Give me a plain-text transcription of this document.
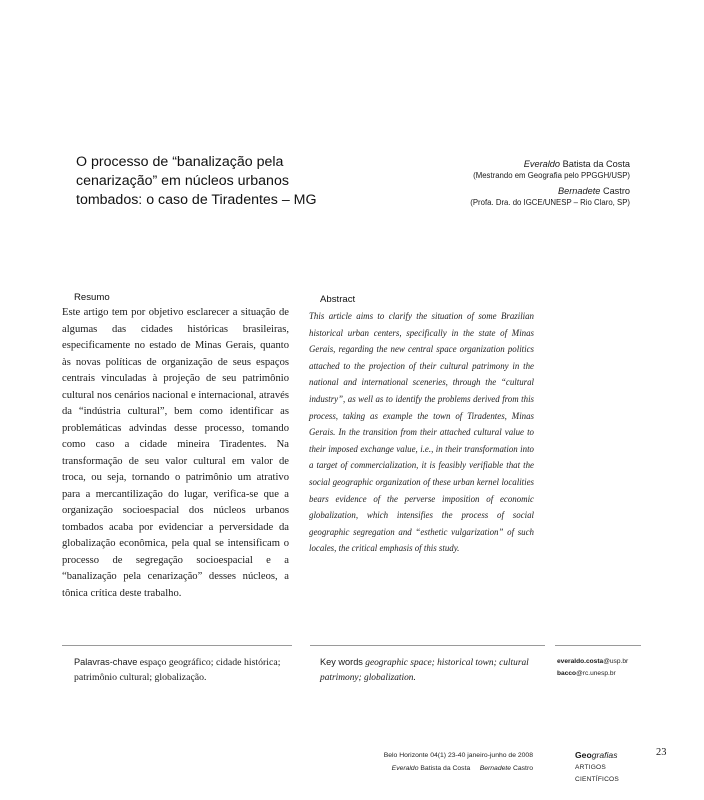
O processo de “banalização pela cenarização” em núcleos urbanos tombados: o caso de Tiradentes – MG
Everaldo Batista da Costa
(Mestrando em Geografia pelo PPGGH/USP)
Bernadete Castro
(Profa. Dra. do IGCE/UNESP – Rio Claro, SP)
Resumo
Este artigo tem por objetivo esclarecer a situação de algumas das cidades históricas brasileiras, especificamente no estado de Minas Gerais, quanto às novas políticas de organização de seus espaços centrais vinculadas à projeção de seu patrimônio cultural nos cenários nacional e internacional, através da “indústria cultural”, bem como identificar as problemáticas advindas desse processo, tomando como caso a cidade mineira Tiradentes. Na transformação de seu valor cultural em valor de troca, ou seja, tornando o patrimônio um atrativo para a mercantilização do lugar, verifica-se que a organização socioespacial dos núcleos urbanos tombados acaba por evidenciar a perversidade da globalização econômica, pela qual se intensificam o processo de segregação socioespacial e a “banalização pela cenarização” desses núcleos, a tônica crítica deste trabalho.
Abstract
This article aims to clarify the situation of some Brazilian historical urban centers, specifically in the state of Minas Gerais, regarding the new central space organization politics attached to the projection of their cultural patrimony in the national and international sceneries, through the “cultural industry”, as well as to identify the problems derived from this process, taking as example the town of Tiradentes, Minas Gerais. In the transition from their attached cultural value to their imposed exchange value, i.e., in their transformation into a target of commercialization, it is feasibly verifiable that the social geographic organization of these urban kernel localities bears evidence of the perverse imposition of economic globalization, which intensifies the process of social geographic segregation and “esthetic vulgarization” of such locales, the critical emphasis of this study.
Palavras-chave espaço geográfico; cidade histórica; patrimônio cultural; globalização.
Key words geographic space; historical town; cultural patrimony; globalization.
everaldo.costa@usp.br
bacco@rc.unesp.br
Belo Horizonte 04(1) 23-40 janeiro-junho de 2008
Everaldo Batista da Costa Bernadete Castro
Geografias
ARTIGOS CIENTÍFICOS
23
